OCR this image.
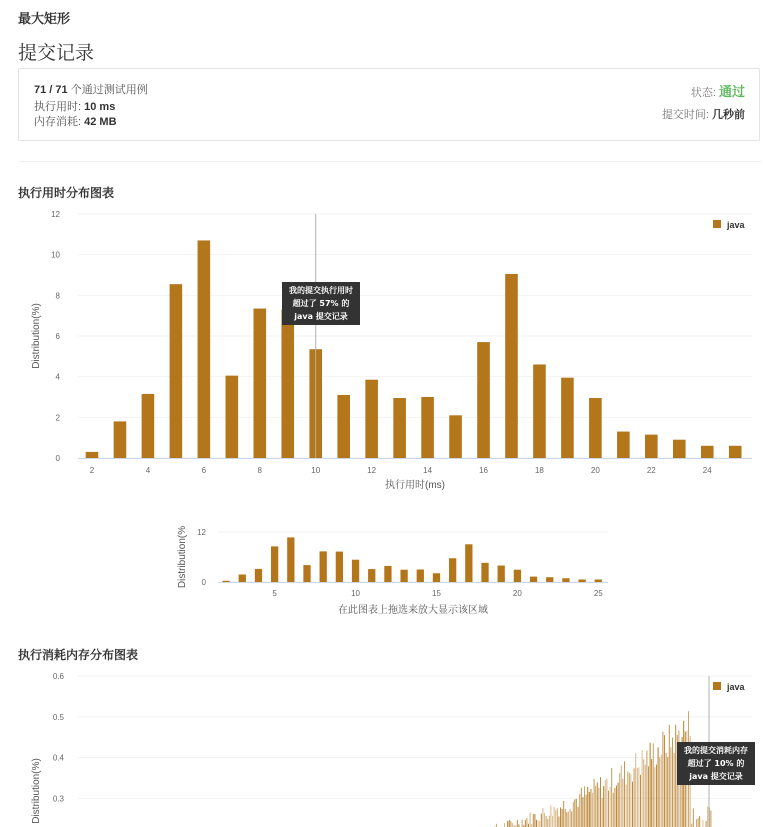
最大矩形
提交记录
71 / 71 个通过测试用例
执行用时: 10 ms
内存消耗: 42 MB
状态: 通过
提交时间: 几秒前
执行用时分布图表
0
2
4
6
8
10
12
2	4	6	8	10	12	14	16	18	20	22	24
执行用时(ms)
Distribution(%)
java
我的提交执行用时
超过了 57% 的
java 提交记录
0
12
5	10	15	20	25
在此图表上拖选来放大显示该区域
Distribution(%
执行消耗内存分布图表
0.3
0.4
0.5
0.6
Distribution(%)
java
我的提交消耗内存
超过了 10% 的
java 提交记录
